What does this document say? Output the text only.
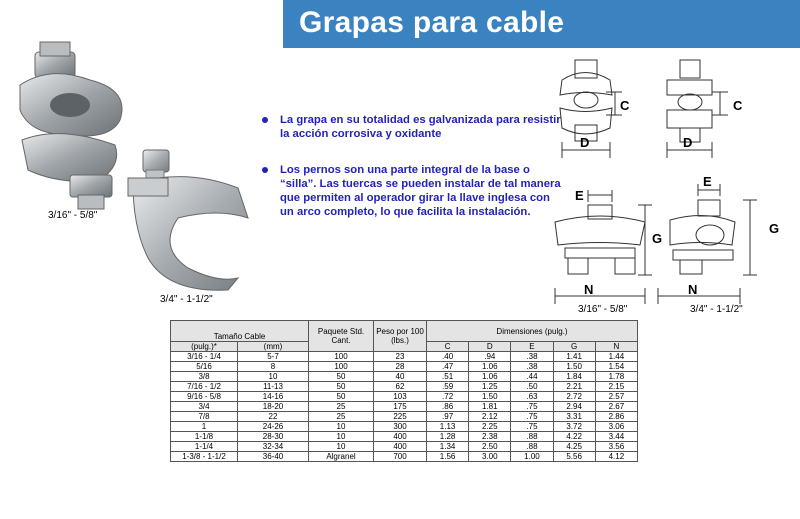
Grapas para cable
3/16" - 5/8"
3/4" - 1-1/2"
La grapa en su totalidad es galvanizada para resistir la acción corrosiva y oxidante
Los pernos son una parte integral de la base o “silla”. Las tuercas se pueden instalar de tal manera que permiten al operador girar la llave inglesa con un arco completo, lo que facilita la instalación.
C	C
D	D
E
E
G
G
N	N
3/16" - 5/8"	3/4" - 1-1/2"
Tamaño Cable		Paquete Std. Cant.	Peso por 100 (lbs.)	Dimensiones (pulg.)				
(pulg.)*	(mm)			C	D	E	G	N
3/16 - 1/4	5-7	100	23	.40	.94	.38	1.41	1.44
5/16	8	100	28	.47	1.06	.38	1.50	1.54
3/8	10	50	40	.51	1.06	.44	1.84	1.78
7/16 - 1/2	11-13	50	62	.59	1.25	.50	2.21	2.15
9/16 - 5/8	14-16	50	103	.72	1.50	.63	2.72	2.57
3/4	18-20	25	175	.86	1.81	.75	2.94	2.67
7/8	22	25	225	.97	2.12	.75	3.31	2.86
1	24-26	10	300	1.13	2.25	.75	3.72	3.06
1-1/8	28-30	10	400	1.28	2.38	.88	4.22	3.44
1-1/4	32-34	10	400	1.34	2.50	.88	4.25	3.56
1-3/8 - 1-1/2	36-40	Algranel	700	1.56	3.00	1.00	5.56	4.12
